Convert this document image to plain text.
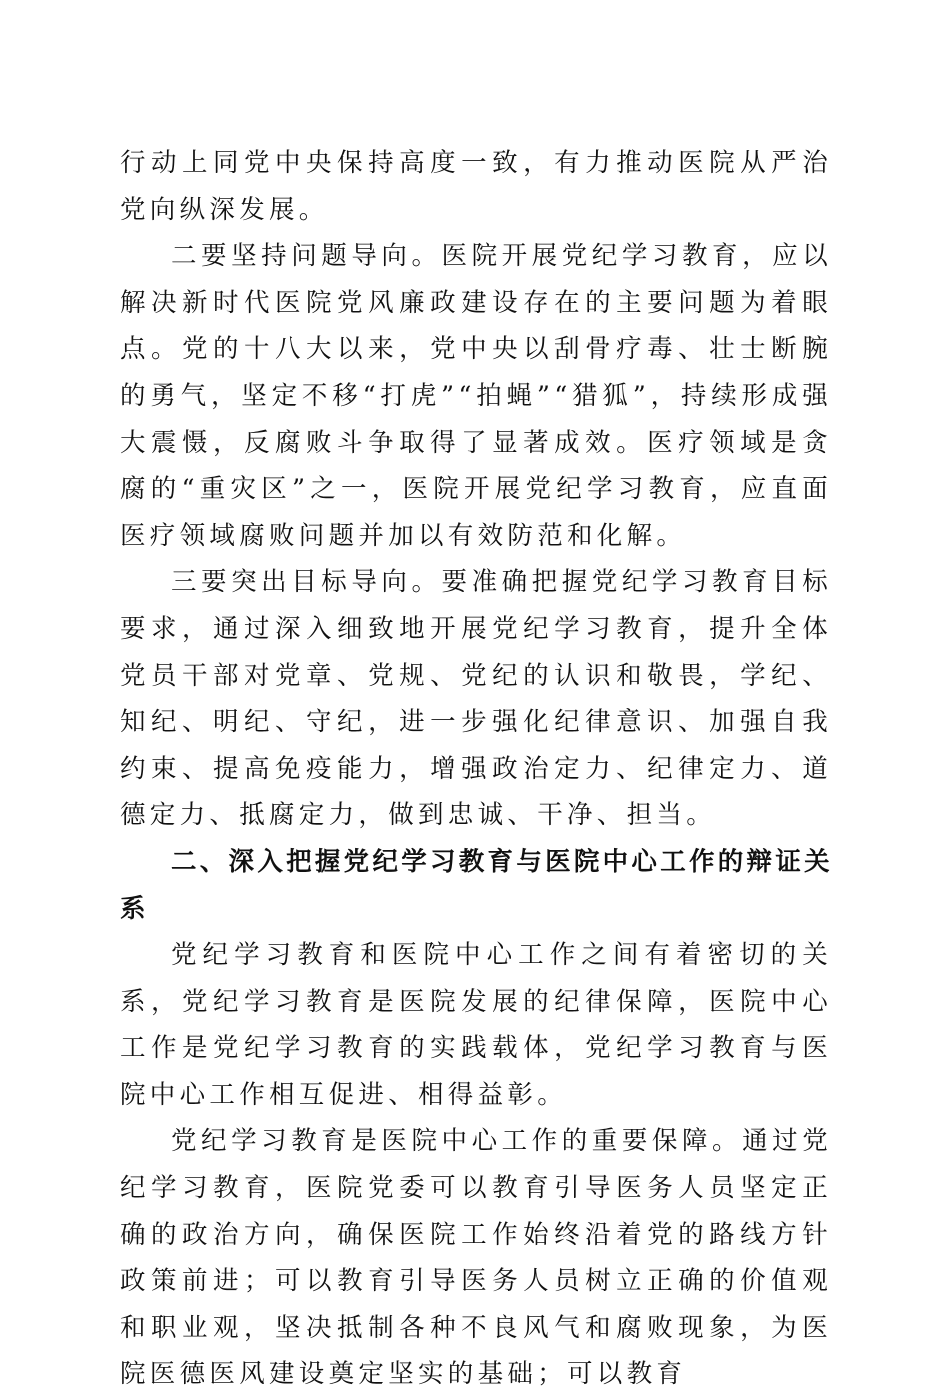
行动上同党中央保持高度一致，有力推动医院从严治党向纵深发展。

二要坚持问题导向。医院开展党纪学习教育，应以解决新时代医院党风廉政建设存在的主要问题为着眼点。党的十八大以来，党中央以刮骨疗毒、壮士断腕的勇气，坚定不移“打虎”“拍蝇”“猎狐”，持续形成强大震慑，反腐败斗争取得了显著成效。医疗领域是贪腐的“重灾区”之一，医院开展党纪学习教育，应直面医疗领域腐败问题并加以有效防范和化解。

三要突出目标导向。要准确把握党纪学习教育目标要求，通过深入细致地开展党纪学习教育，提升全体党员干部对党章、党规、党纪的认识和敬畏，学纪、知纪、明纪、守纪，进一步强化纪律意识、加强自我约束、提高免疫能力，增强政治定力、纪律定力、道德定力、抵腐定力，做到忠诚、干净、担当。

二、深入把握党纪学习教育与医院中心工作的辩证关系

党纪学习教育和医院中心工作之间有着密切的关系，党纪学习教育是医院发展的纪律保障，医院中心工作是党纪学习教育的实践载体，党纪学习教育与医院中心工作相互促进、相得益彰。

党纪学习教育是医院中心工作的重要保障。通过党纪学习教育，医院党委可以教育引导医务人员坚定正确的政治方向，确保医院工作始终沿着党的路线方针政策前进；可以教育引导医务人员树立正确的价值观和职业观，坚决抵制各种不良风气和腐败现象，为医院医德医风建设奠定坚实的基础；可以教育
